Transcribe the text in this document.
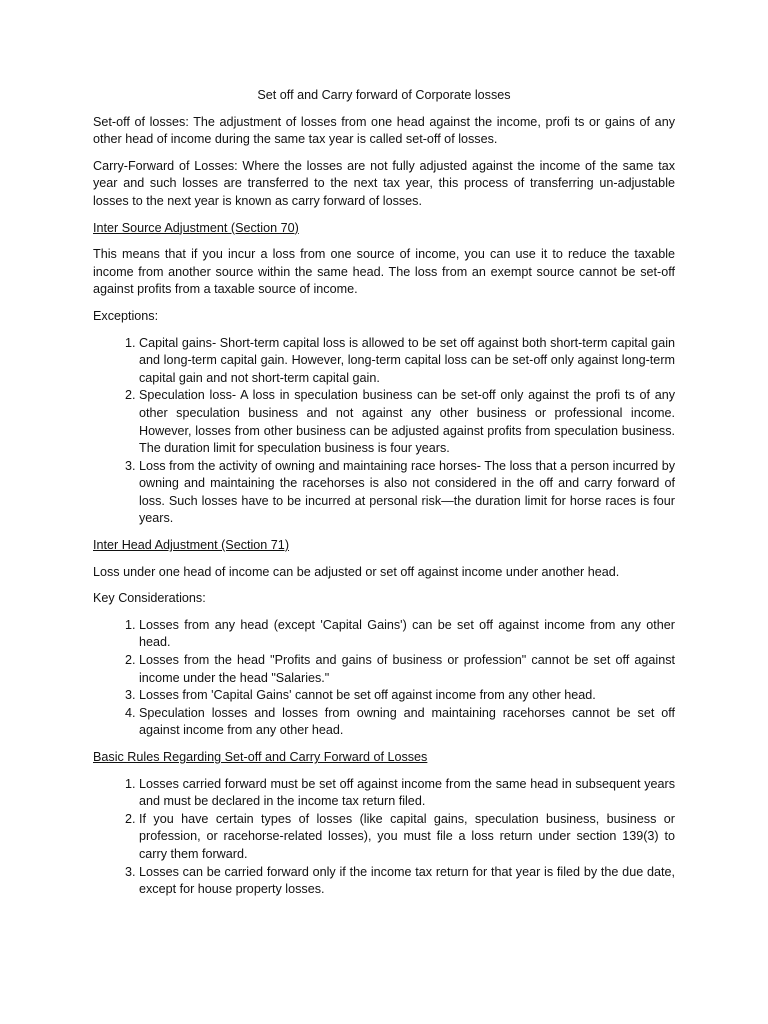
Set off and Carry forward of Corporate losses

Set-off of losses: The adjustment of losses from one head against the income, profi ts or gains of any other head of income during the same tax year is called set-off of losses.

Carry-Forward of Losses: Where the losses are not fully adjusted against the income of the same tax year and such losses are transferred to the next tax year, this process of transferring un-adjustable losses to the next year is known as carry forward of losses.

Inter Source Adjustment (Section 70)

This means that if you incur a loss from one source of income, you can use it to reduce the taxable income from another source within the same head. The loss from an exempt source cannot be set-off against profits from a taxable source of income.

Exceptions:

1. Capital gains- Short-term capital loss is allowed to be set off against both short-term capital gain and long-term capital gain. However, long-term capital loss can be set-off only against long-term capital gain and not short-term capital gain.
2. Speculation loss- A loss in speculation business can be set-off only against the profi ts of any other speculation business and not against any other business or professional income. However, losses from other business can be adjusted against profits from speculation business. The duration limit for speculation business is four years.
3. Loss from the activity of owning and maintaining race horses- The loss that a person incurred by owning and maintaining the racehorses is also not considered in the off and carry forward of loss. Such losses have to be incurred at personal risk—the duration limit for horse races is four years.
Inter Head Adjustment (Section 71)

Loss under one head of income can be adjusted or set off against income under another head.

Key Considerations:

1. Losses from any head (except 'Capital Gains') can be set off against income from any other head.
2. Losses from the head "Profits and gains of business or profession" cannot be set off against income under the head "Salaries."
3. Losses from 'Capital Gains' cannot be set off against income from any other head.
4. Speculation losses and losses from owning and maintaining racehorses cannot be set off against income from any other head.
Basic Rules Regarding Set-off and Carry Forward of Losses
1. Losses carried forward must be set off against income from the same head in subsequent years and must be declared in the income tax return filed.
2. If you have certain types of losses (like capital gains, speculation business, business or profession, or racehorse-related losses), you must file a loss return under section 139(3) to carry them forward.
3. Losses can be carried forward only if the income tax return for that year is filed by the due date, except for house property losses.
